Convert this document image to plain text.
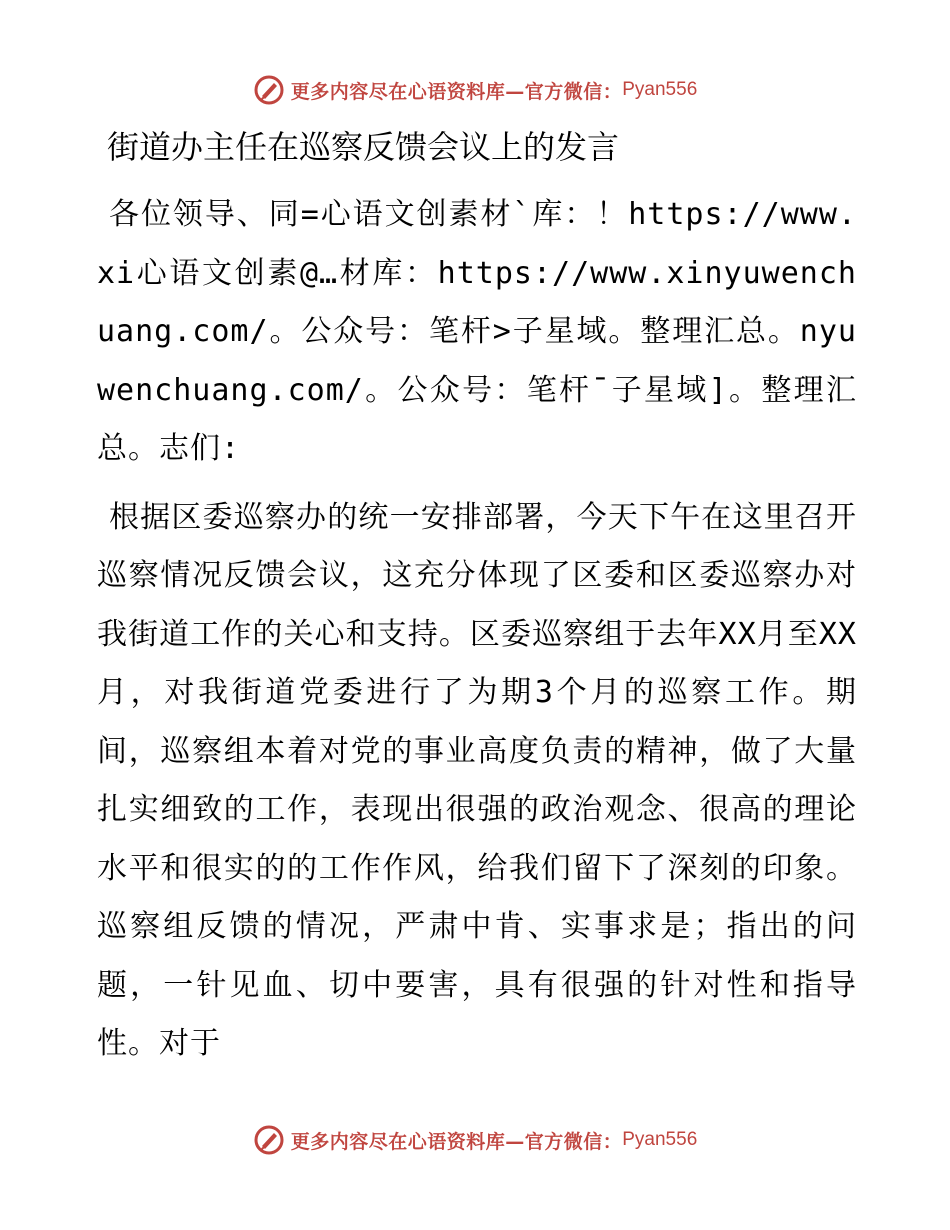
更多内容尽在心语资料库—官方微信： Pyan556
街道办主任在巡察反馈会议上的发言

各位领导、同=心语文创素材`库：！https://www.xi心语文创素@…材库：https://www.xinyuwenchuang.com/。公众号：笔杆>子星域。整理汇总。nyuwenchuang.com/。公众号：笔杆¯子星域]。整理汇总。志们:

根据区委巡察办的统一安排部署，今天下午在这里召开巡察情况反馈会议，这充分体现了区委和区委巡察办对我街道工作的关心和支持。区委巡察组于去年XX月至XX月，对我街道党委进行了为期3个月的巡察工作。期间，巡察组本着对党的事业高度负责的精神，做了大量扎实细致的工作，表现出很强的政治观念、很高的理论水平和很实的的工作作风，给我们留下了深刻的印象。巡察组反馈的情况，严肃中肯、实事求是；指出的问题，一针见血、切中要害，具有很强的针对性和指导性。对于

更多内容尽在心语资料库—官方微信： Pyan556
